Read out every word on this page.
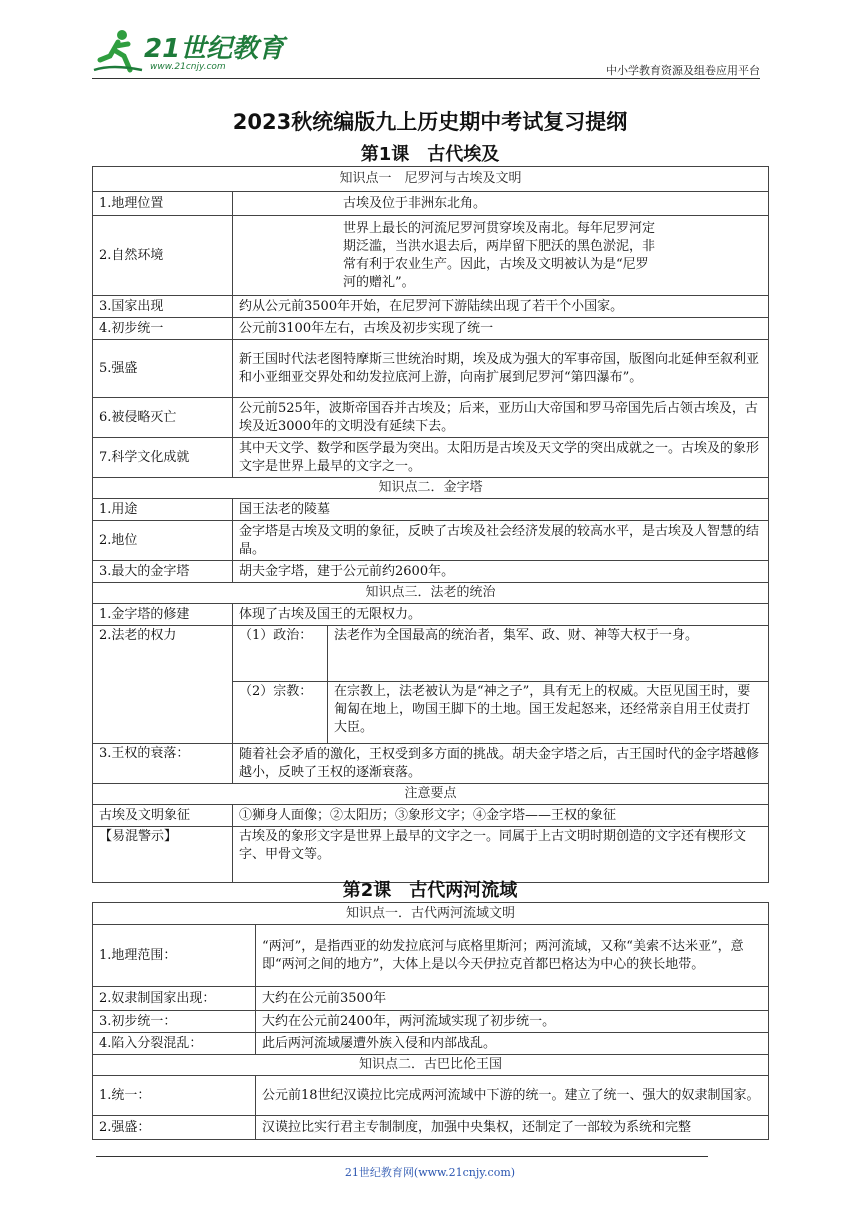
21世纪教育
www.21cnjy.com	中小学教育资源及组卷应用平台
2023秋统编版九上历史期中考试复习提纲
第1课　古代埃及
知识点一　尼罗河与古埃及文明		
1.地理位置	古埃及位于非洲东北角。	
2.自然环境	世界上最长的河流尼罗河贯穿埃及南北。每年尼罗河定期泛滥，当洪水退去后，两岸留下肥沃的黑色淤泥，非常有利于农业生产。因此，古埃及文明被认为是“尼罗河的赠礼”。	
3.国家出现	约从公元前3500年开始，在尼罗河下游陆续出现了若干个小国家。	
4.初步统一	公元前3100年左右，古埃及初步实现了统一	
5.强盛	新王国时代法老图特摩斯三世统治时期，埃及成为强大的军事帝国，版图向北延伸至叙利亚和小亚细亚交界处和幼发拉底河上游，向南扩展到尼罗河“第四瀑布”。	
6.被侵略灭亡	公元前525年，波斯帝国吞并古埃及；后来，亚历山大帝国和罗马帝国先后占领古埃及，古埃及近3000年的文明没有延续下去。	
7.科学文化成就	其中天文学、数学和医学最为突出。太阳历是古埃及天文学的突出成就之一。古埃及的象形文字是世界上最早的文字之一。	
知识点二．金字塔		
1.用途	国王法老的陵墓	
2.地位	金字塔是古埃及文明的象征，反映了古埃及社会经济发展的较高水平，是古埃及人智慧的结晶。	
3.最大的金字塔	胡夫金字塔，建于公元前约2600年。	
知识点三．法老的统治		
1.金字塔的修建	体现了古埃及国王的无限权力。	
2.法老的权力	（1）政治：	法老作为全国最高的统治者，集军、政、财、神等大权于一身。
	（2）宗教：	在宗教上，法老被认为是“神之子”，具有无上的权威。大臣见国王时，要匍匐在地上，吻国王脚下的土地。国王发起怒来，还经常亲自用王仗责打大臣。
3.王权的衰落：	随着社会矛盾的激化，王权受到多方面的挑战。胡夫金字塔之后，古王国时代的金字塔越修越小，反映了王权的逐渐衰落。	
注意要点		
古埃及文明象征	①狮身人面像；②太阳历；③象形文字；④金字塔——王权的象征	
【易混警示】	古埃及的象形文字是世界上最早的文字之一。同属于上古文明时期创造的文字还有楔形文字、甲骨文等。	
第2课　古代两河流域
知识点一．古代两河流域文明	
1.地理范围：	“两河”，是指西亚的幼发拉底河与底格里斯河；两河流域，又称“美索不达米亚”，意即“两河之间的地方”，大体上是以今天伊拉克首都巴格达为中心的狭长地带。
2.奴隶制国家出现：	大约在公元前3500年
3.初步统一：	大约在公元前2400年，两河流域实现了初步统一。
4.陷入分裂混乱：	此后两河流域屡遭外族入侵和内部战乱。
知识点二．古巴比伦王国	
1.统一：	公元前18世纪汉谟拉比完成两河流域中下游的统一。建立了统一、强大的奴隶制国家。
2.强盛：	汉谟拉比实行君主专制制度，加强中央集权，还制定了一部较为系统和完整
21世纪教育网(www.21cnjy.com)
